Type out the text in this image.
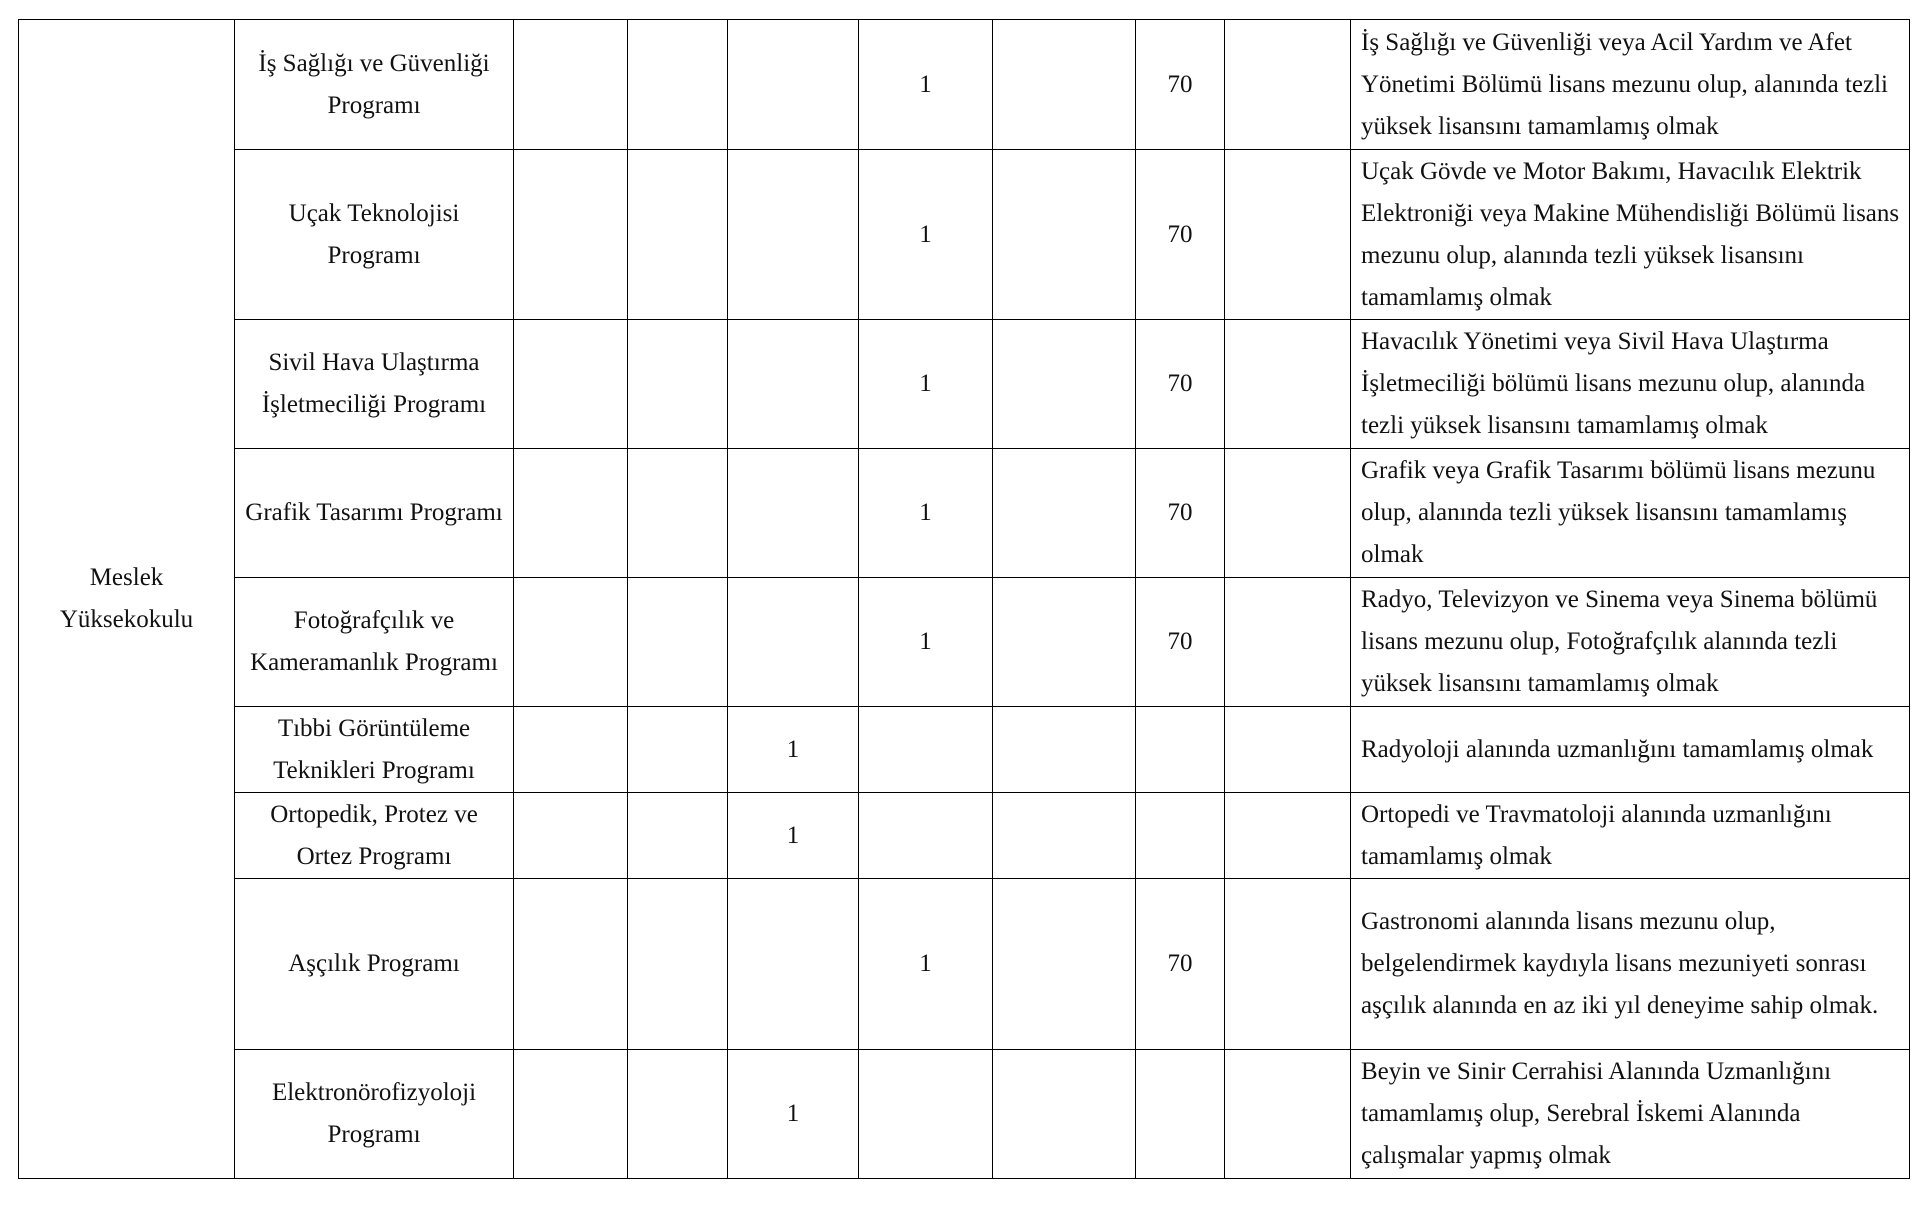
Meslek Yüksekokulu	İş Sağlığı ve Güvenliği Programı				1		70		İş Sağlığı ve Güvenliği veya Acil Yardım ve Afet Yönetimi Bölümü lisans mezunu olup, alanında tezli yüksek lisansını tamamlamış olmak
	Uçak Teknolojisi Programı				1		70		Uçak Gövde ve Motor Bakımı, Havacılık Elektrik Elektroniği veya Makine Mühendisliği Bölümü lisans mezunu olup, alanında tezli yüksek lisansını tamamlamış olmak
	Sivil Hava Ulaştırma İşletmeciliği Programı				1		70		Havacılık Yönetimi veya Sivil Hava Ulaştırma İşletmeciliği bölümü lisans mezunu olup, alanında tezli yüksek lisansını tamamlamış olmak
	Grafik Tasarımı Programı				1		70		Grafik veya Grafik Tasarımı bölümü lisans mezunu olup, alanında tezli yüksek lisansını tamamlamış olmak
	Fotoğrafçılık ve Kameramanlık Programı				1		70		Radyo, Televizyon ve Sinema veya Sinema bölümü lisans mezunu olup, Fotoğrafçılık alanında tezli yüksek lisansını tamamlamış olmak
	Tıbbi Görüntüleme Teknikleri Programı			1					Radyoloji alanında uzmanlığını tamamlamış olmak
	Ortopedik, Protez ve Ortez Programı			1					Ortopedi ve Travmatoloji alanında uzmanlığını tamamlamış olmak
	Aşçılık Programı				1		70		Gastronomi alanında lisans mezunu olup, belgelendirmek kaydıyla lisans mezuniyeti sonrası aşçılık alanında en az iki yıl deneyime sahip olmak.
	Elektronörofizyoloji Programı			1					Beyin ve Sinir Cerrahisi Alanında Uzmanlığını tamamlamış olup, Serebral İskemi Alanında çalışmalar yapmış olmak
